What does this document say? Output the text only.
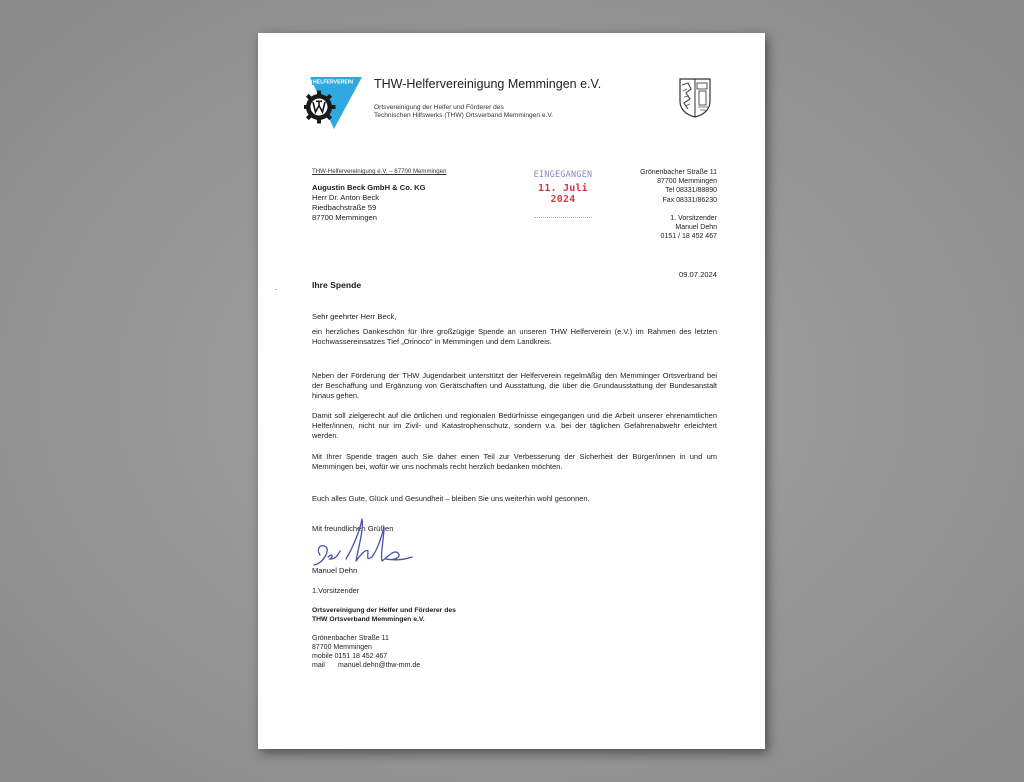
HELFERVEREIN THW-Helfervereinigung Memmingen e.V.
Ortsvereinigung der Helfer und Förderer des
Technischen Hilfswerks (THW) Ortsverband Memmingen e.V.
THW-Helfervereinigung e.V. – 87700 Memmingen
Augustin Beck GmbH & Co. KG
Herr Dr. Anton Beck
Riedbachstraße 59
87700 Memmingen
EINGEGANGEN
11. Juli 2024
Grönenbacher Straße 11
87700 Memmingen
Tel 08331/88890
Fax 08331/86230
1. Vorsitzender
Manuel Dehn
0151 / 18 452 467
09.07.2024
Ihre Spende
-
Sehr geehrter Herr Beck,
ein herzliches Dankeschön für Ihre großzügige Spende an unseren THW Helferverein (e.V.) im Rahmen des letzten Hochwassereinsatzes Tief „Orinoco“ in Memmingen und dem Landkreis.
Neben der Förderung der THW Jugendarbeit unterstützt der Helferverein regelmäßig den Memminger Ortsverband bei der Beschaffung und Ergänzung von Gerätschaften und Ausstattung, die über die Grundausstattung der Bundesanstalt hinaus gehen.
Damit soll zielgerecht auf die örtlichen und regionalen Bedürfnisse eingegangen und die Arbeit unserer ehrenamtlichen Helfer/innen, nicht nur im Zivil- und Katastrophenschutz, sondern v.a. bei der täglichen Gefahrenabwehr erleichtert werden.
Mit Ihrer Spende tragen auch Sie daher einen Teil zur Verbesserung der Sicherheit der Bürger/innen in und um Memmingen bei, wofür wir uns nochmals recht herzlich bedanken möchten.
Euch alles Gute, Glück und Gesundheit – bleiben Sie uns weiterhin wohl gesonnen.
Mit freundlichen Grüßen
Manuel Dehn
1.Vorsitzender
Ortsvereinigung der Helfer und Förderer des
THW Ortsverband Memmingen e.V.
Grönenbacher Straße 11
87700 Memmingen
mobile 0151 18 452 467
mail manuel.dehn@thw-mm.de
